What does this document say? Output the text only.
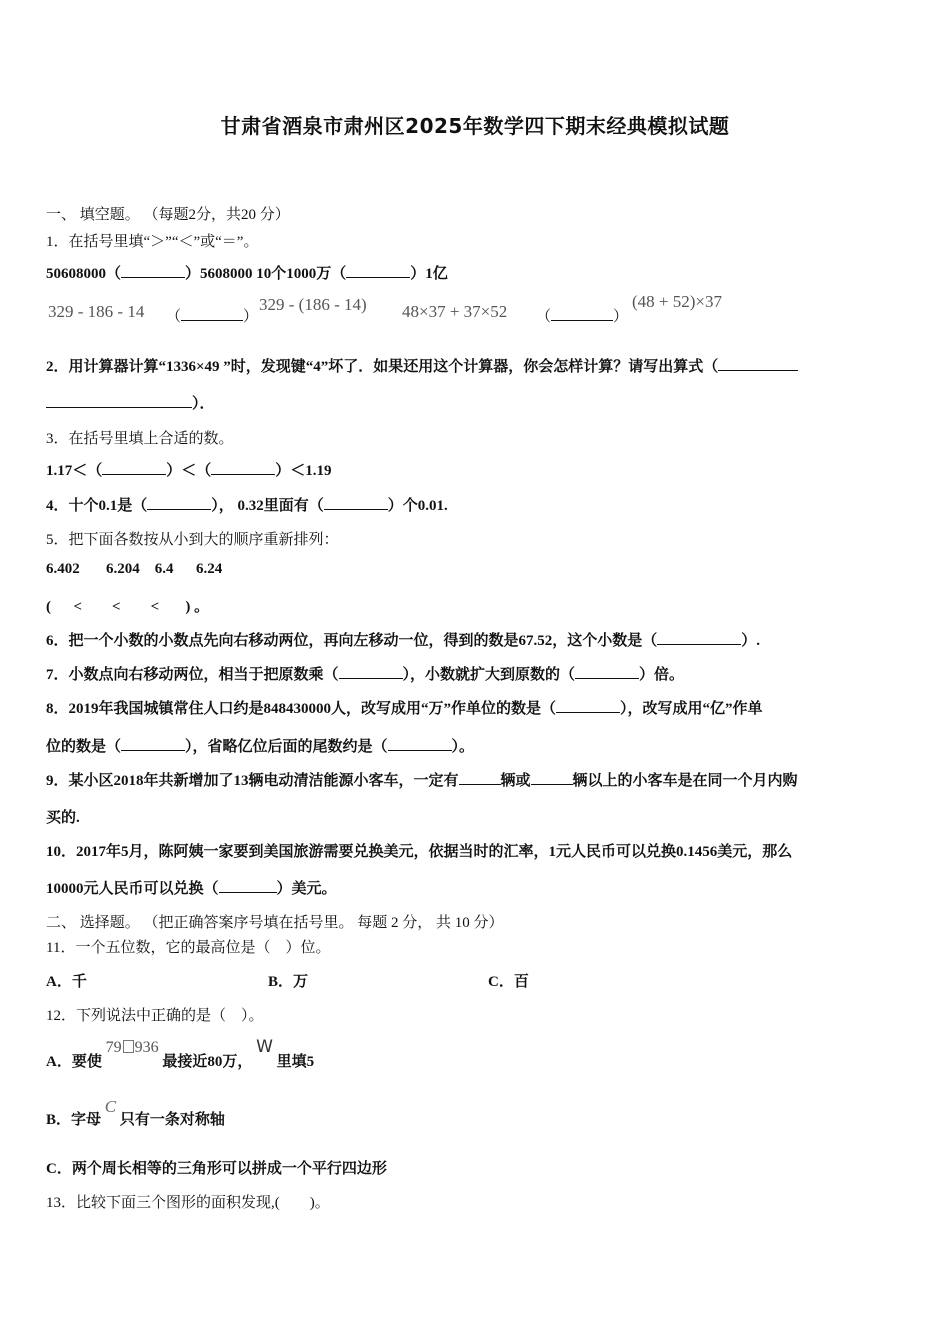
甘肃省酒泉市肃州区2025年数学四下期末经典模拟试题
一、 填空题。 （每题2分，共20 分）
1．在括号里填“＞”“＜”或“＝”。
50608000（	）5608000 10个1000万（	）1亿
329 - 186 - 14 （	）
329 - (186 - 14) 48×37 + 37×52 （	）
(48 + 52)×37
2．用计算器计算“1336×49 ”时，发现键“4”坏了．如果还用这个计算器，你会怎样计算？请写出算式（
）．
3．在括号里填上合适的数。
1.17＜（	）＜（	）＜1.19
4．十个0.1是（	）， 0.32里面有（	）个0.01.
5．把下面各数按从小到大的顺序重新排列：
6.402       6.204    6.4      6.24
(      <        <        <       ) 。
6．把一个小数的小数点先向右移动两位，再向左移动一位，得到的数是67.52，这个小数是（	）.
7．小数点向右移动两位，相当于把原数乘（	），小数就扩大到原数的（	）倍。
8．2019年我国城镇常住人口约是848430000人，改写成用“万”作单位的数是（	），改写成用“亿”作单
位的数是（	），省略亿位后面的尾数约是（	）。
9．某小区2018年共新增加了13辆电动清洁能源小客车，一定有	辆或	辆以上的小客车是在同一个月内购
买的.
10．2017年5月，陈阿姨一家要到美国旅游需要兑换美元，依据当时的汇率，1元人民币可以兑换0.1456美元，那么
10000元人民币可以兑换（	）美元。
二、 选择题。 （把正确答案序号填在括号里。 每题 2 分， 共 10 分）
11．一个五位数，它的最高位是（    ）位。
A．千	B．万	C．百
12．下列说法中正确的是（    ）。
A．要使 79 936 最接近80万， W 里填5
B．字母 C 只有一条对称轴
C．两个周长相等的三角形可以拼成一个平行四边形
13．比较下面三个图形的面积发现,(        )。
